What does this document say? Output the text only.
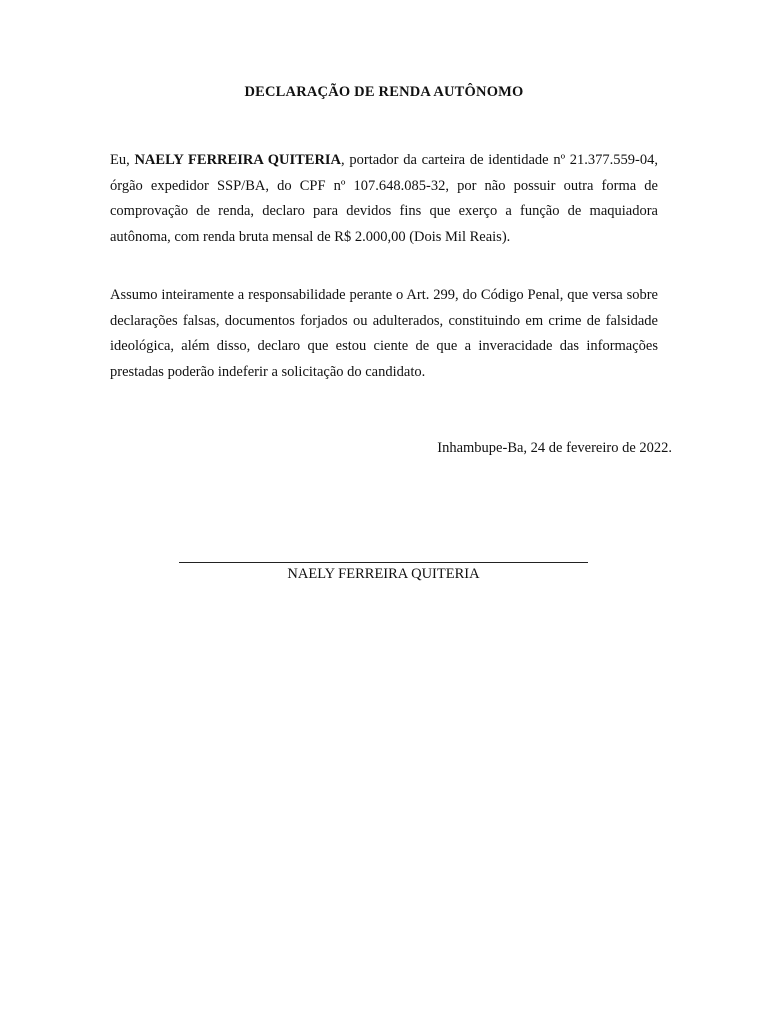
DECLARAÇÃO DE RENDA AUTÔNOMO

Eu, NAELY FERREIRA QUITERIA, portador da carteira de identidade nº 21.377.559-04, órgão expedidor SSP/BA, do CPF nº 107.648.085-32, por não possuir outra forma de comprovação de renda, declaro para devidos fins que exerço a função de maquiadora autônoma, com renda bruta mensal de R$ 2.000,00 (Dois Mil Reais).

Assumo inteiramente a responsabilidade perante o Art. 299, do Código Penal, que versa sobre declarações falsas, documentos forjados ou adulterados, constituindo em crime de falsidade ideológica, além disso, declaro que estou ciente de que a inveracidade das informações prestadas poderão indeferir a solicitação do candidato.

Inhambupe-Ba, 24 de fevereiro de 2022.
NAELY FERREIRA QUITERIA
